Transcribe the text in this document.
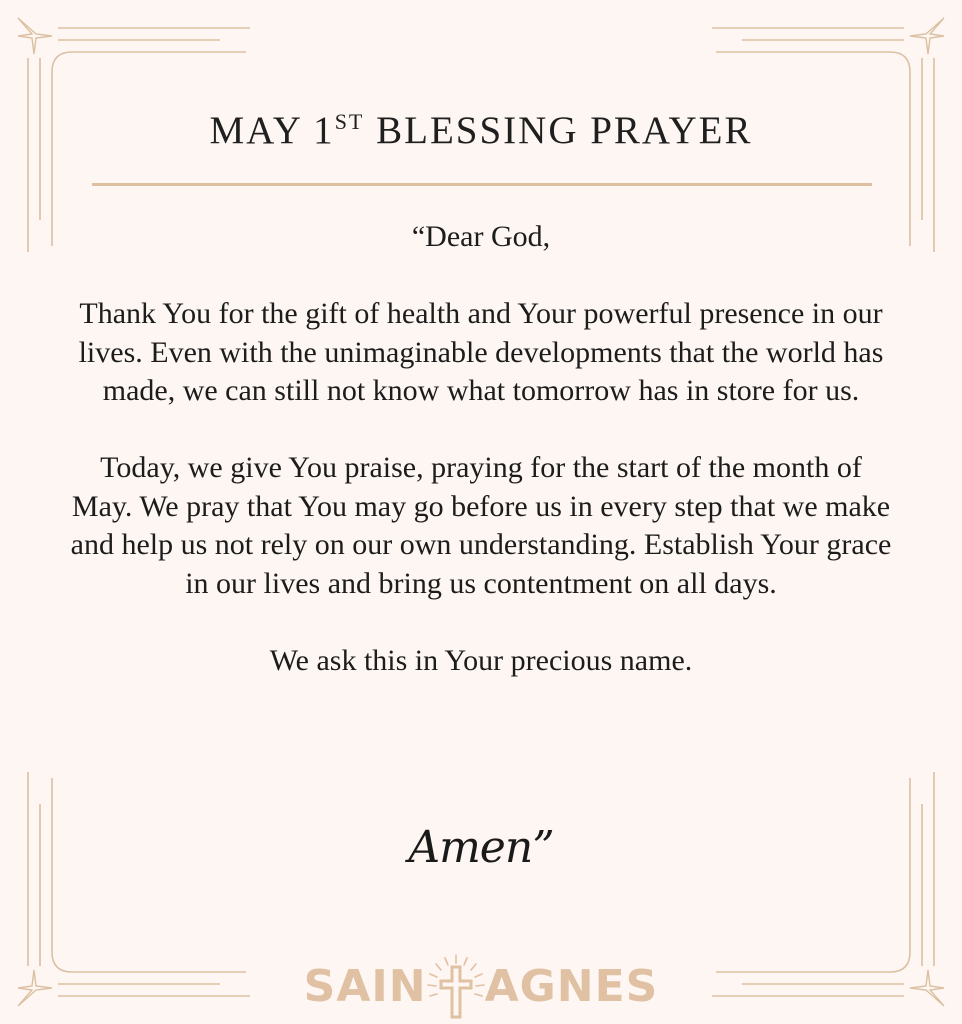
MAY 1ST BLESSING PRAYER

“Dear God,

Thank You for the gift of health and Your powerful presence in our lives. Even with the unimaginable developments that the world has made, we can still not know what tomorrow has in store for us.

Today, we give You praise, praying for the start of the month of May. We pray that You may go before us in every step that we make and help us not rely on our own understanding. Establish Your grace in our lives and bring us contentment on all days.

We ask this in Your precious name.

Amen”
SAIN AGNES
